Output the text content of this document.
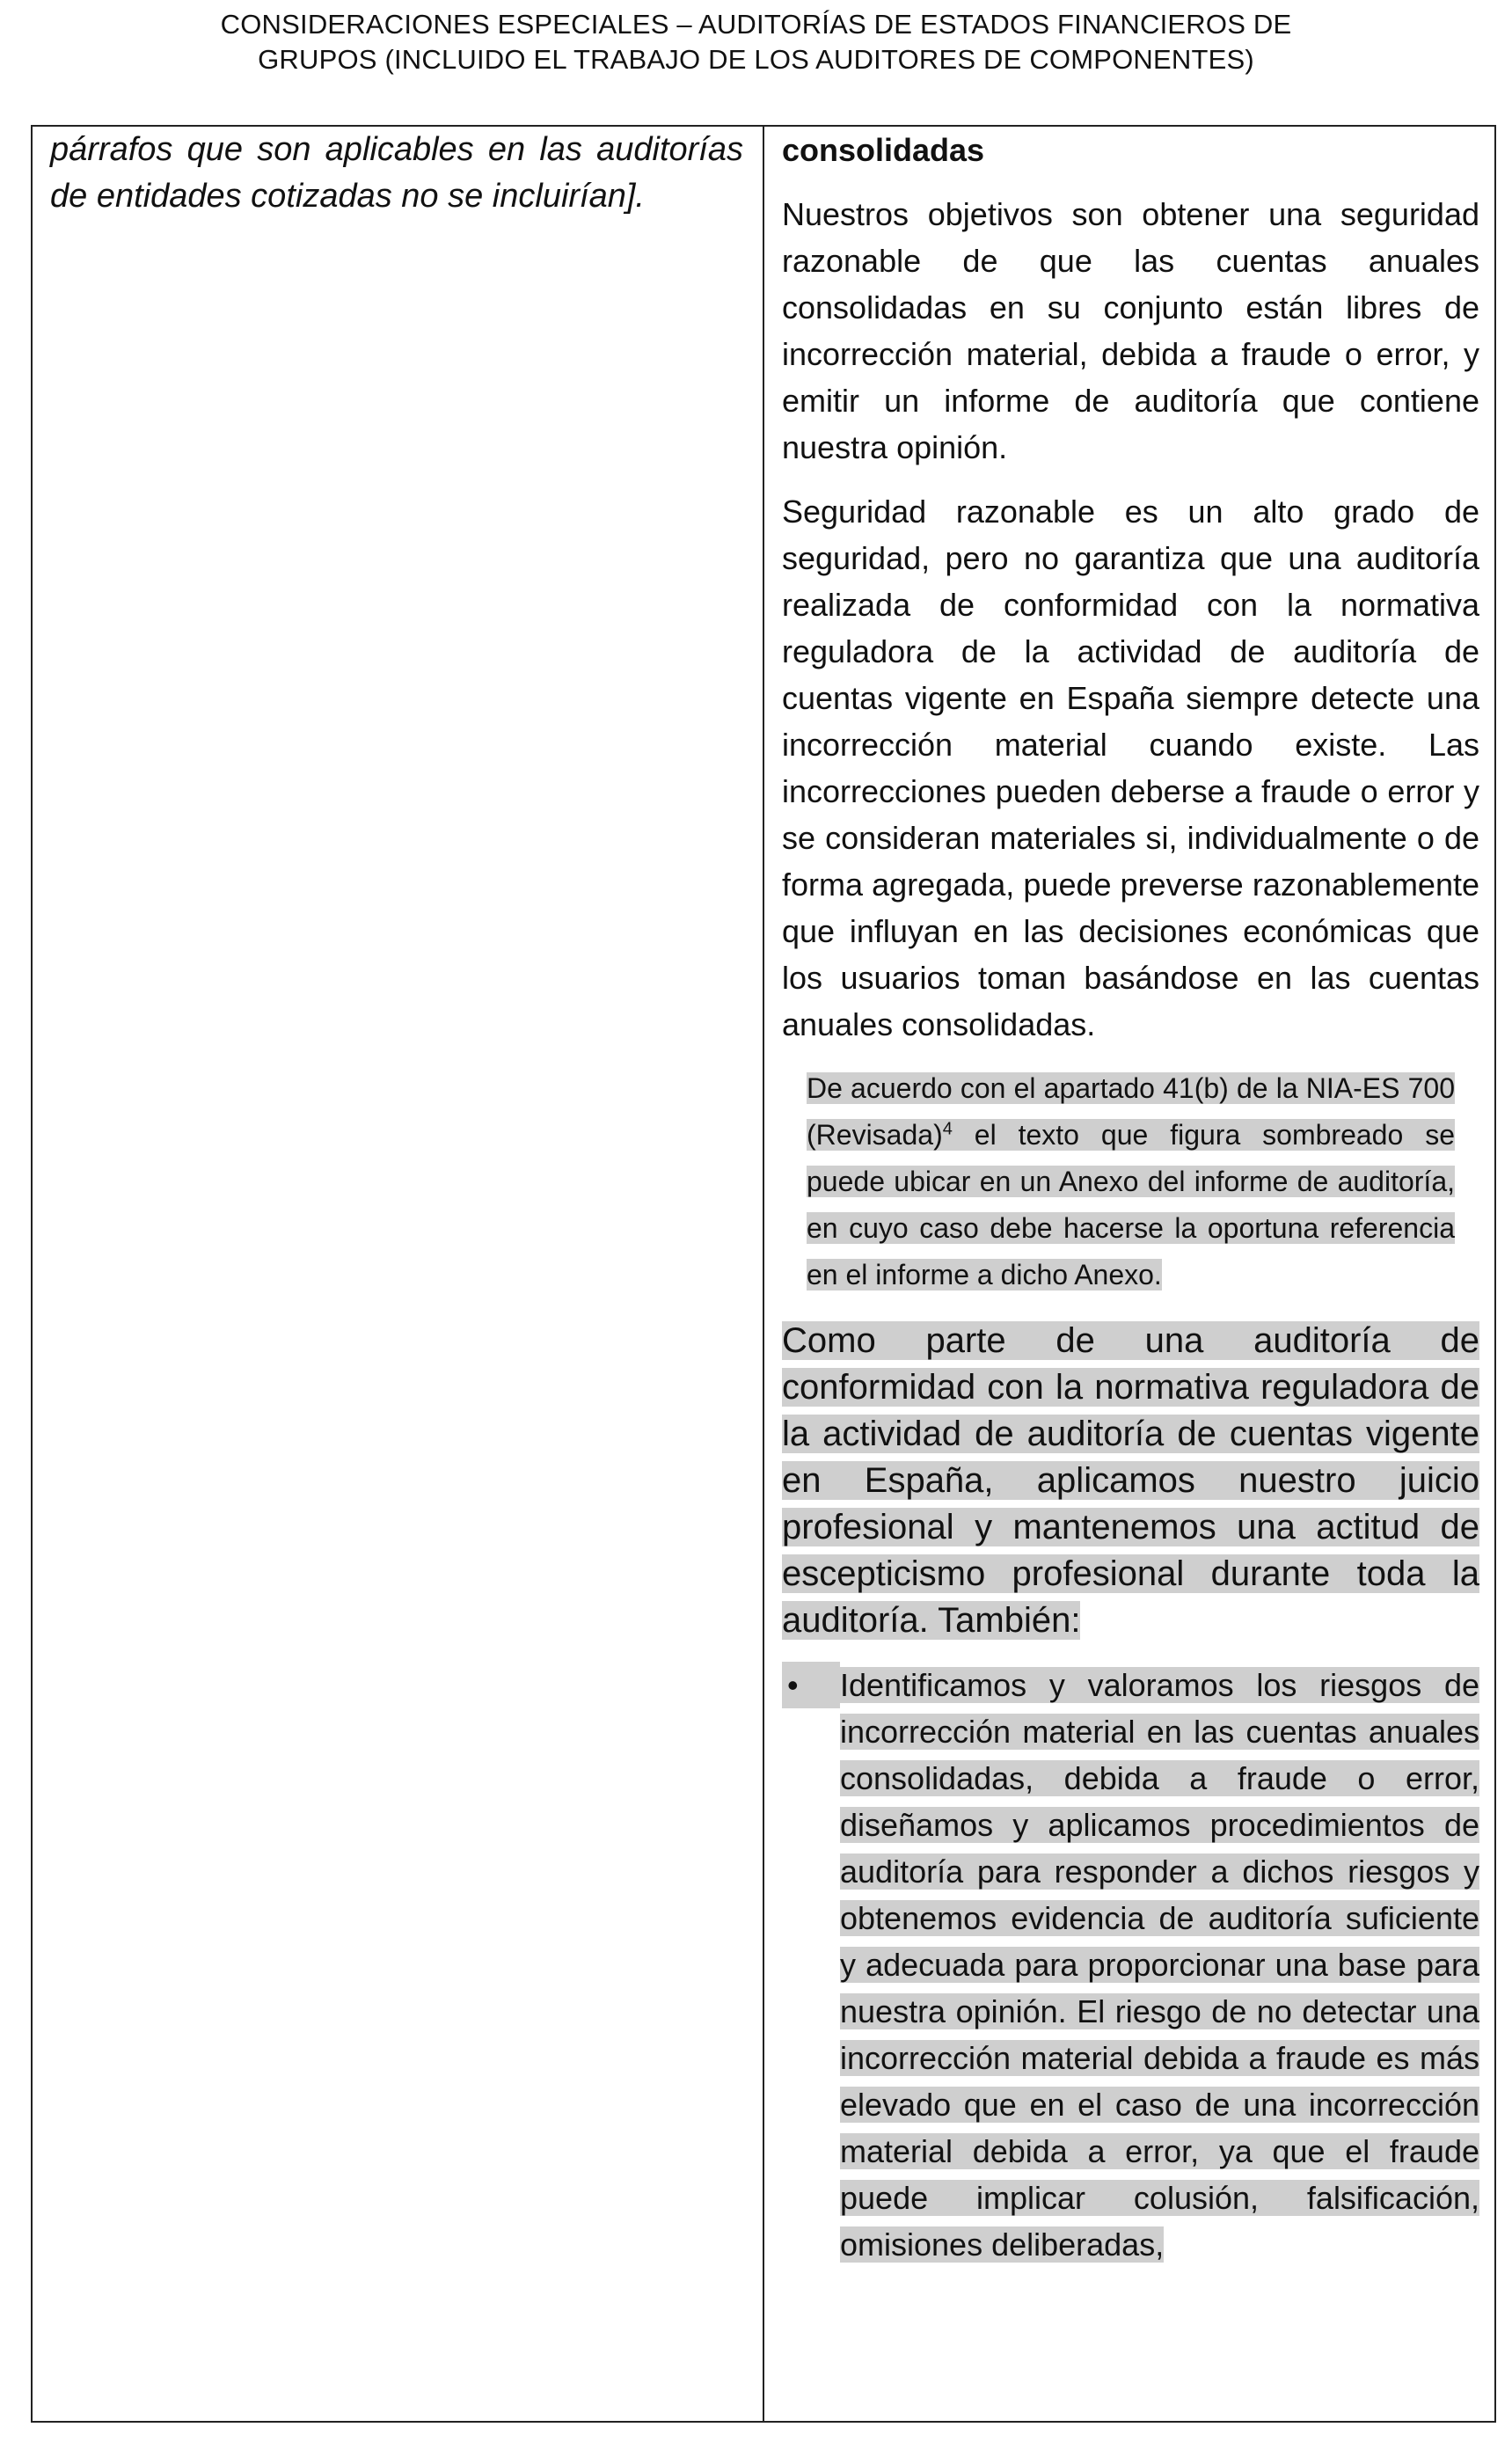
CONSIDERACIONES ESPECIALES – AUDITORÍAS DE ESTADOS FINANCIEROS DE
GRUPOS (INCLUIDO EL TRABAJO DE LOS AUDITORES DE COMPONENTES)

párrafos que son aplicables en las auditorías de entidades cotizadas no se incluirían].

consolidadas

Nuestros objetivos son obtener una seguridad razonable de que las cuentas anuales consolidadas en su conjunto están libres de incorrección material, debida a fraude o error, y emitir un informe de auditoría que contiene nuestra opinión.

Seguridad razonable es un alto grado de seguridad, pero no garantiza que una auditoría realizada de conformidad con la normativa reguladora de la actividad de auditoría de cuentas vigente en España siempre detecte una incorrección material cuando existe. Las incorrecciones pueden deberse a fraude o error y se consideran materiales si, individualmente o de forma agregada, puede preverse razonablemente que influyan en las decisiones económicas que los usuarios toman basándose en las cuentas anuales consolidadas.

De acuerdo con el apartado 41(b) de la NIA-ES 700 (Revisada)$^4$ el texto que figura sombreado se puede ubicar en un Anexo del informe de auditoría, en cuyo caso debe hacerse la oportuna referencia en el informe a dicho Anexo.

Como parte de una auditoría de conformidad con la normativa reguladora de la actividad de auditoría de cuentas vigente en España, aplicamos nuestro juicio profesional y mantenemos una actitud de escepticismo profesional durante toda la auditoría. También:

•	Identificamos y valoramos los riesgos de incorrección material en las cuentas anuales consolidadas, debida a fraude o error, diseñamos y aplicamos procedimientos de auditoría para responder a dichos riesgos y obtenemos evidencia de auditoría suficiente y adecuada para proporcionar una base para nuestra opinión. El riesgo de no detectar una incorrección material debida a fraude es más elevado que en el caso de una incorrección material debida a error, ya que el fraude puede implicar colusión, falsificación, omisiones deliberadas,
